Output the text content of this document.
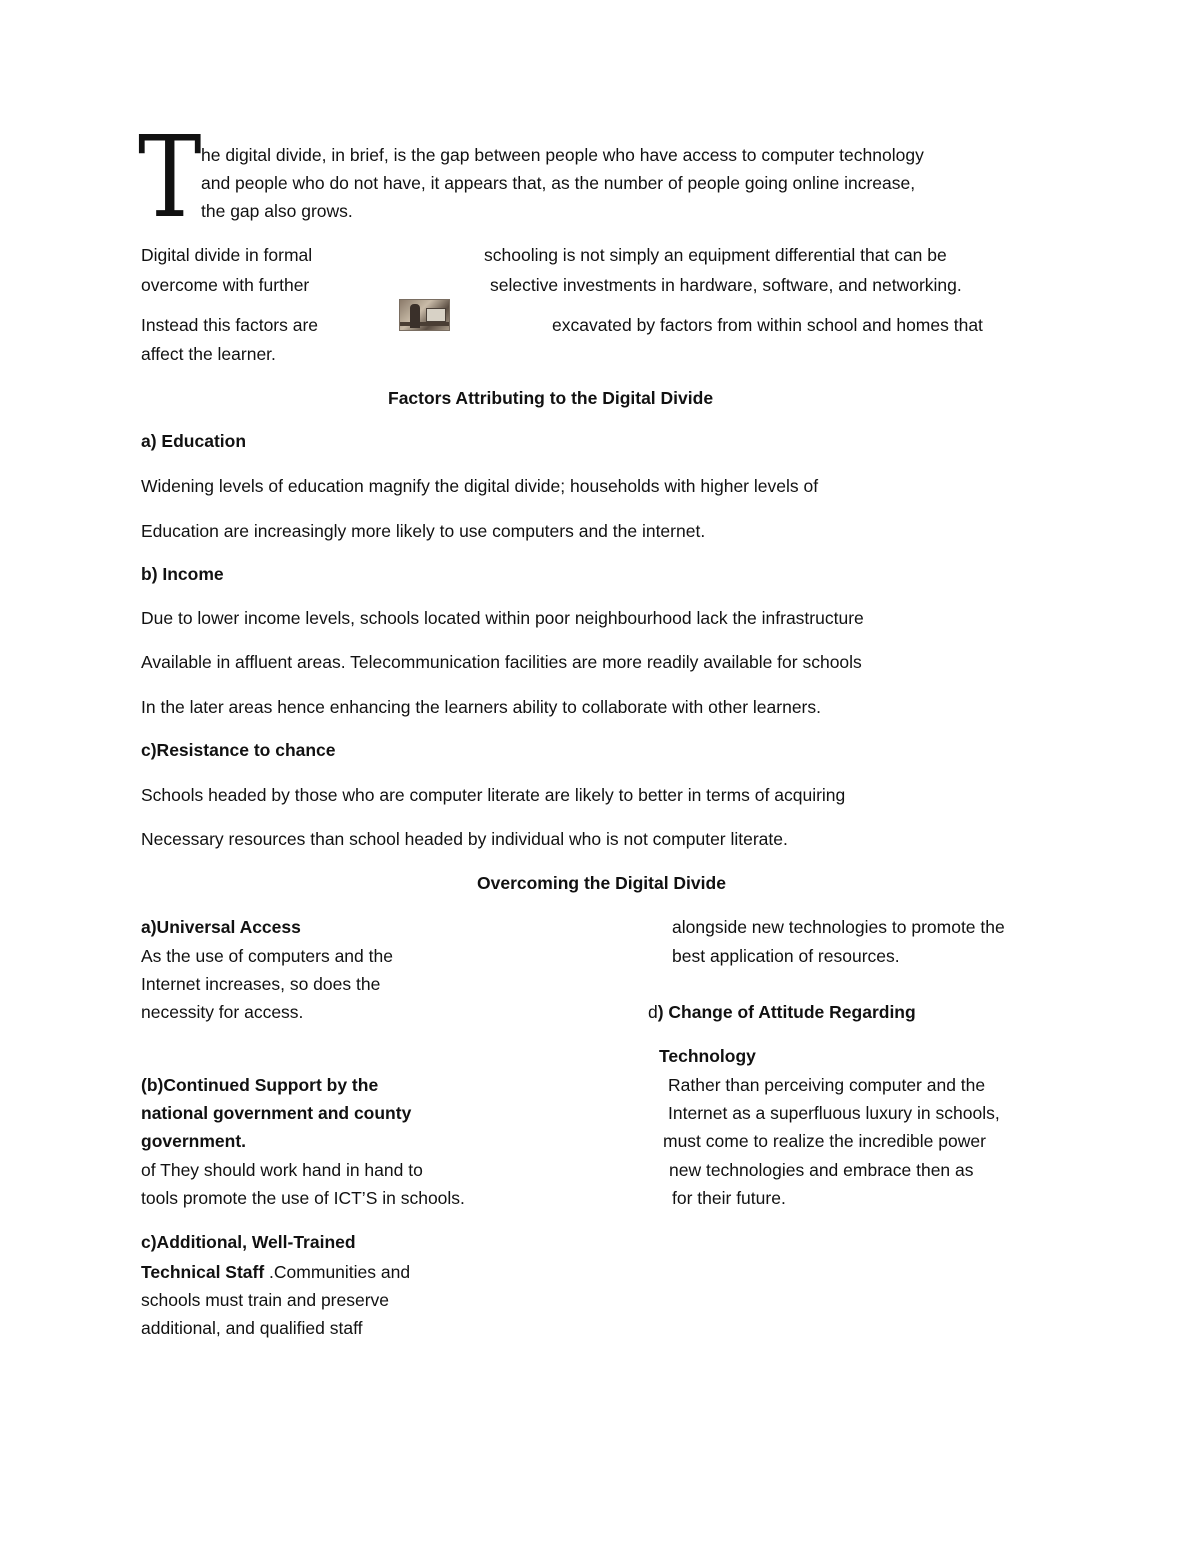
T he digital divide, in brief, is the gap between people who have access to computer technology
and people who do not have, it appears that, as the number of people going online increase,
the gap also grows.
Digital divide in formal	schooling is not simply an equipment differential that can be
overcome with further	selective investments in hardware, software, and networking.
Instead this factors are	excavated by factors from within school and homes that
affect the learner.
Factors Attributing to the Digital Divide
a) Education
Widening levels of education magnify the digital divide; households with higher levels of
Education are increasingly more likely to use computers and the internet.
b) Income
Due to lower income levels, schools located within poor neighbourhood lack the infrastructure
Available in affluent areas. Telecommunication facilities are more readily available for schools
In the later areas hence enhancing the learners ability to collaborate with other learners.
c)Resistance to chance
Schools headed by those who are computer literate are likely to better in terms of acquiring
Necessary resources than school headed by individual who is not computer literate.
Overcoming the Digital Divide
a)Universal Access
As the use of computers and the
Internet increases, so does the
necessity for access.
(b)Continued Support by the
national government and county
government.
of They should work hand in hand to
tools promote the use of ICT’S in schools.
c)Additional, Well-Trained
Technical Staff .Communities and
schools must train and preserve
additional, and qualified staff
alongside new technologies to promote the
best application of resources.
d) Change of Attitude Regarding
Technology
Rather than perceiving computer and the
Internet as a superfluous luxury in schools,
must come to realize the incredible power
new technologies and embrace then as
for their future.
